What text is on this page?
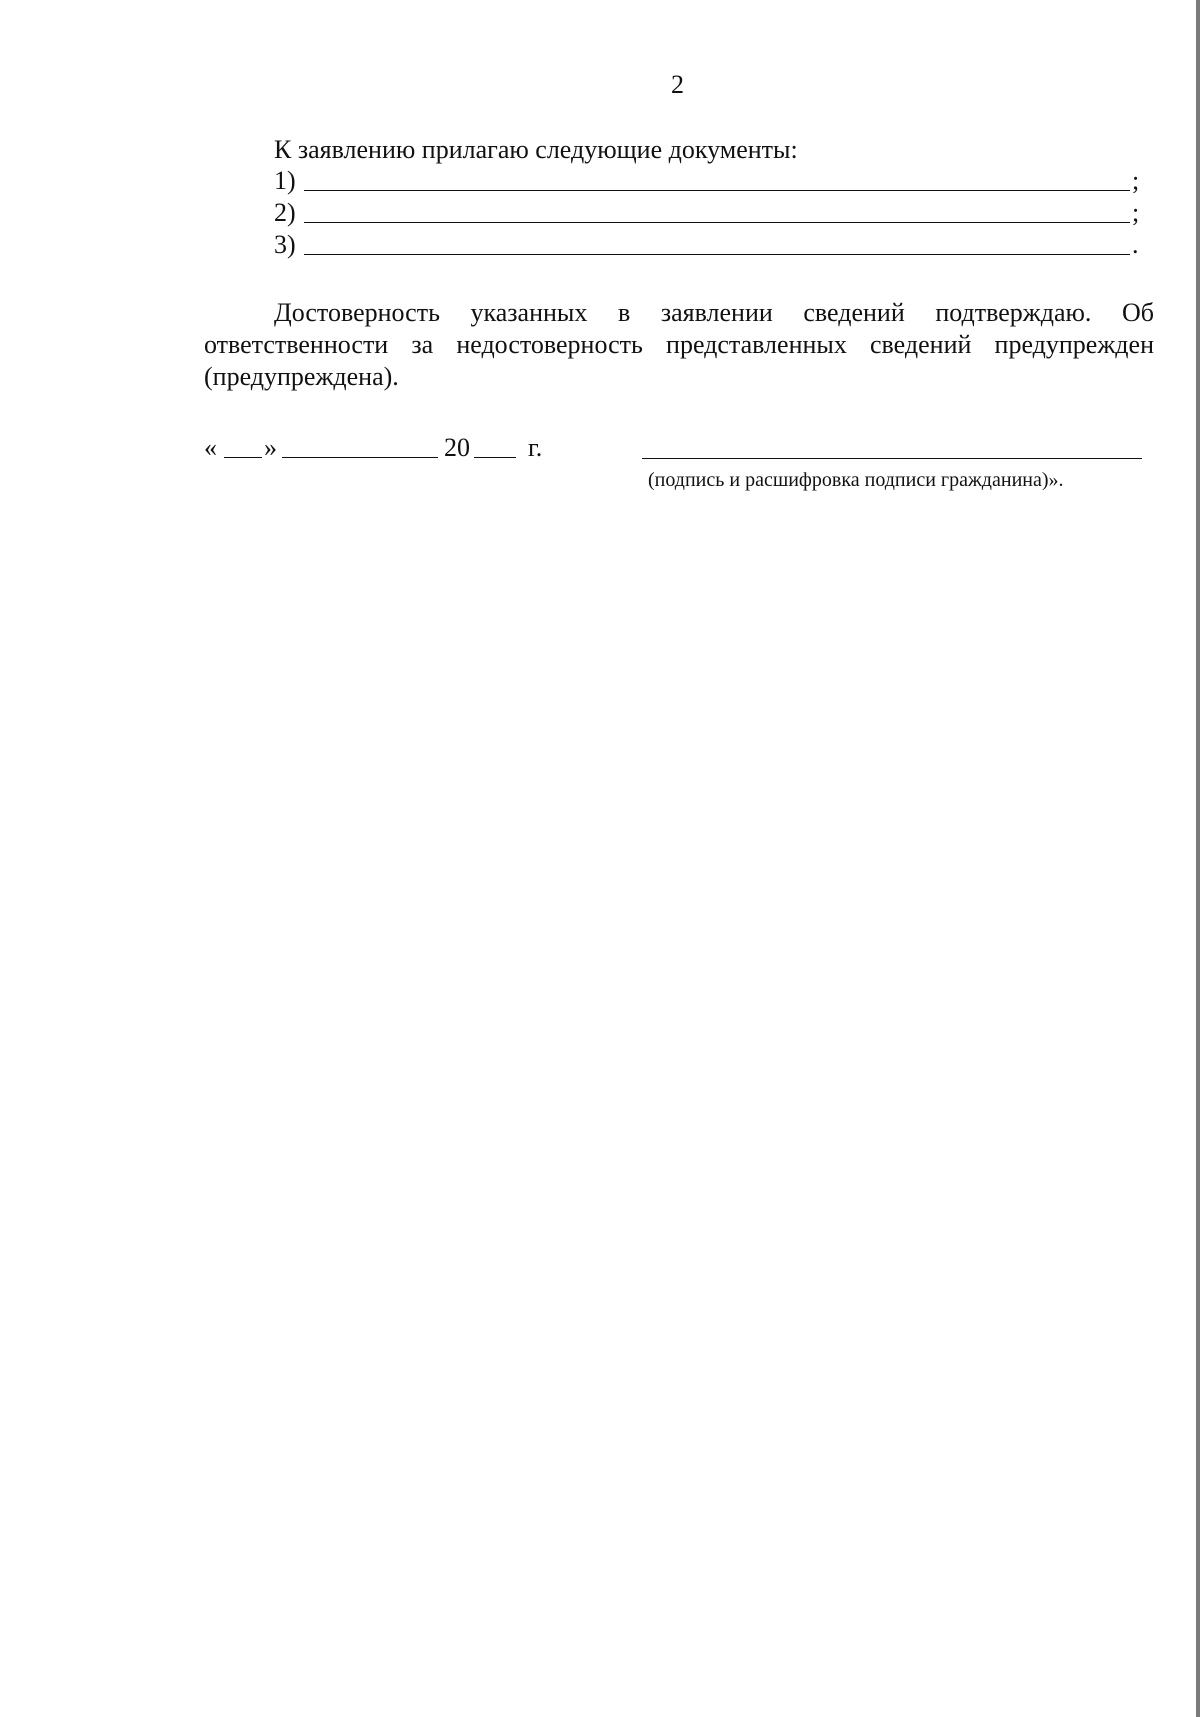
2
К заявлению прилагаю следующие документы:
1)	;
2)	;
3)	.
Достоверность указанных в заявлении сведений подтверждаю. Об ответственности за недостоверность представленных сведений предупрежден (предупреждена).
« »	20 г.
(подпись и расшифровка подписи гражданина)».
